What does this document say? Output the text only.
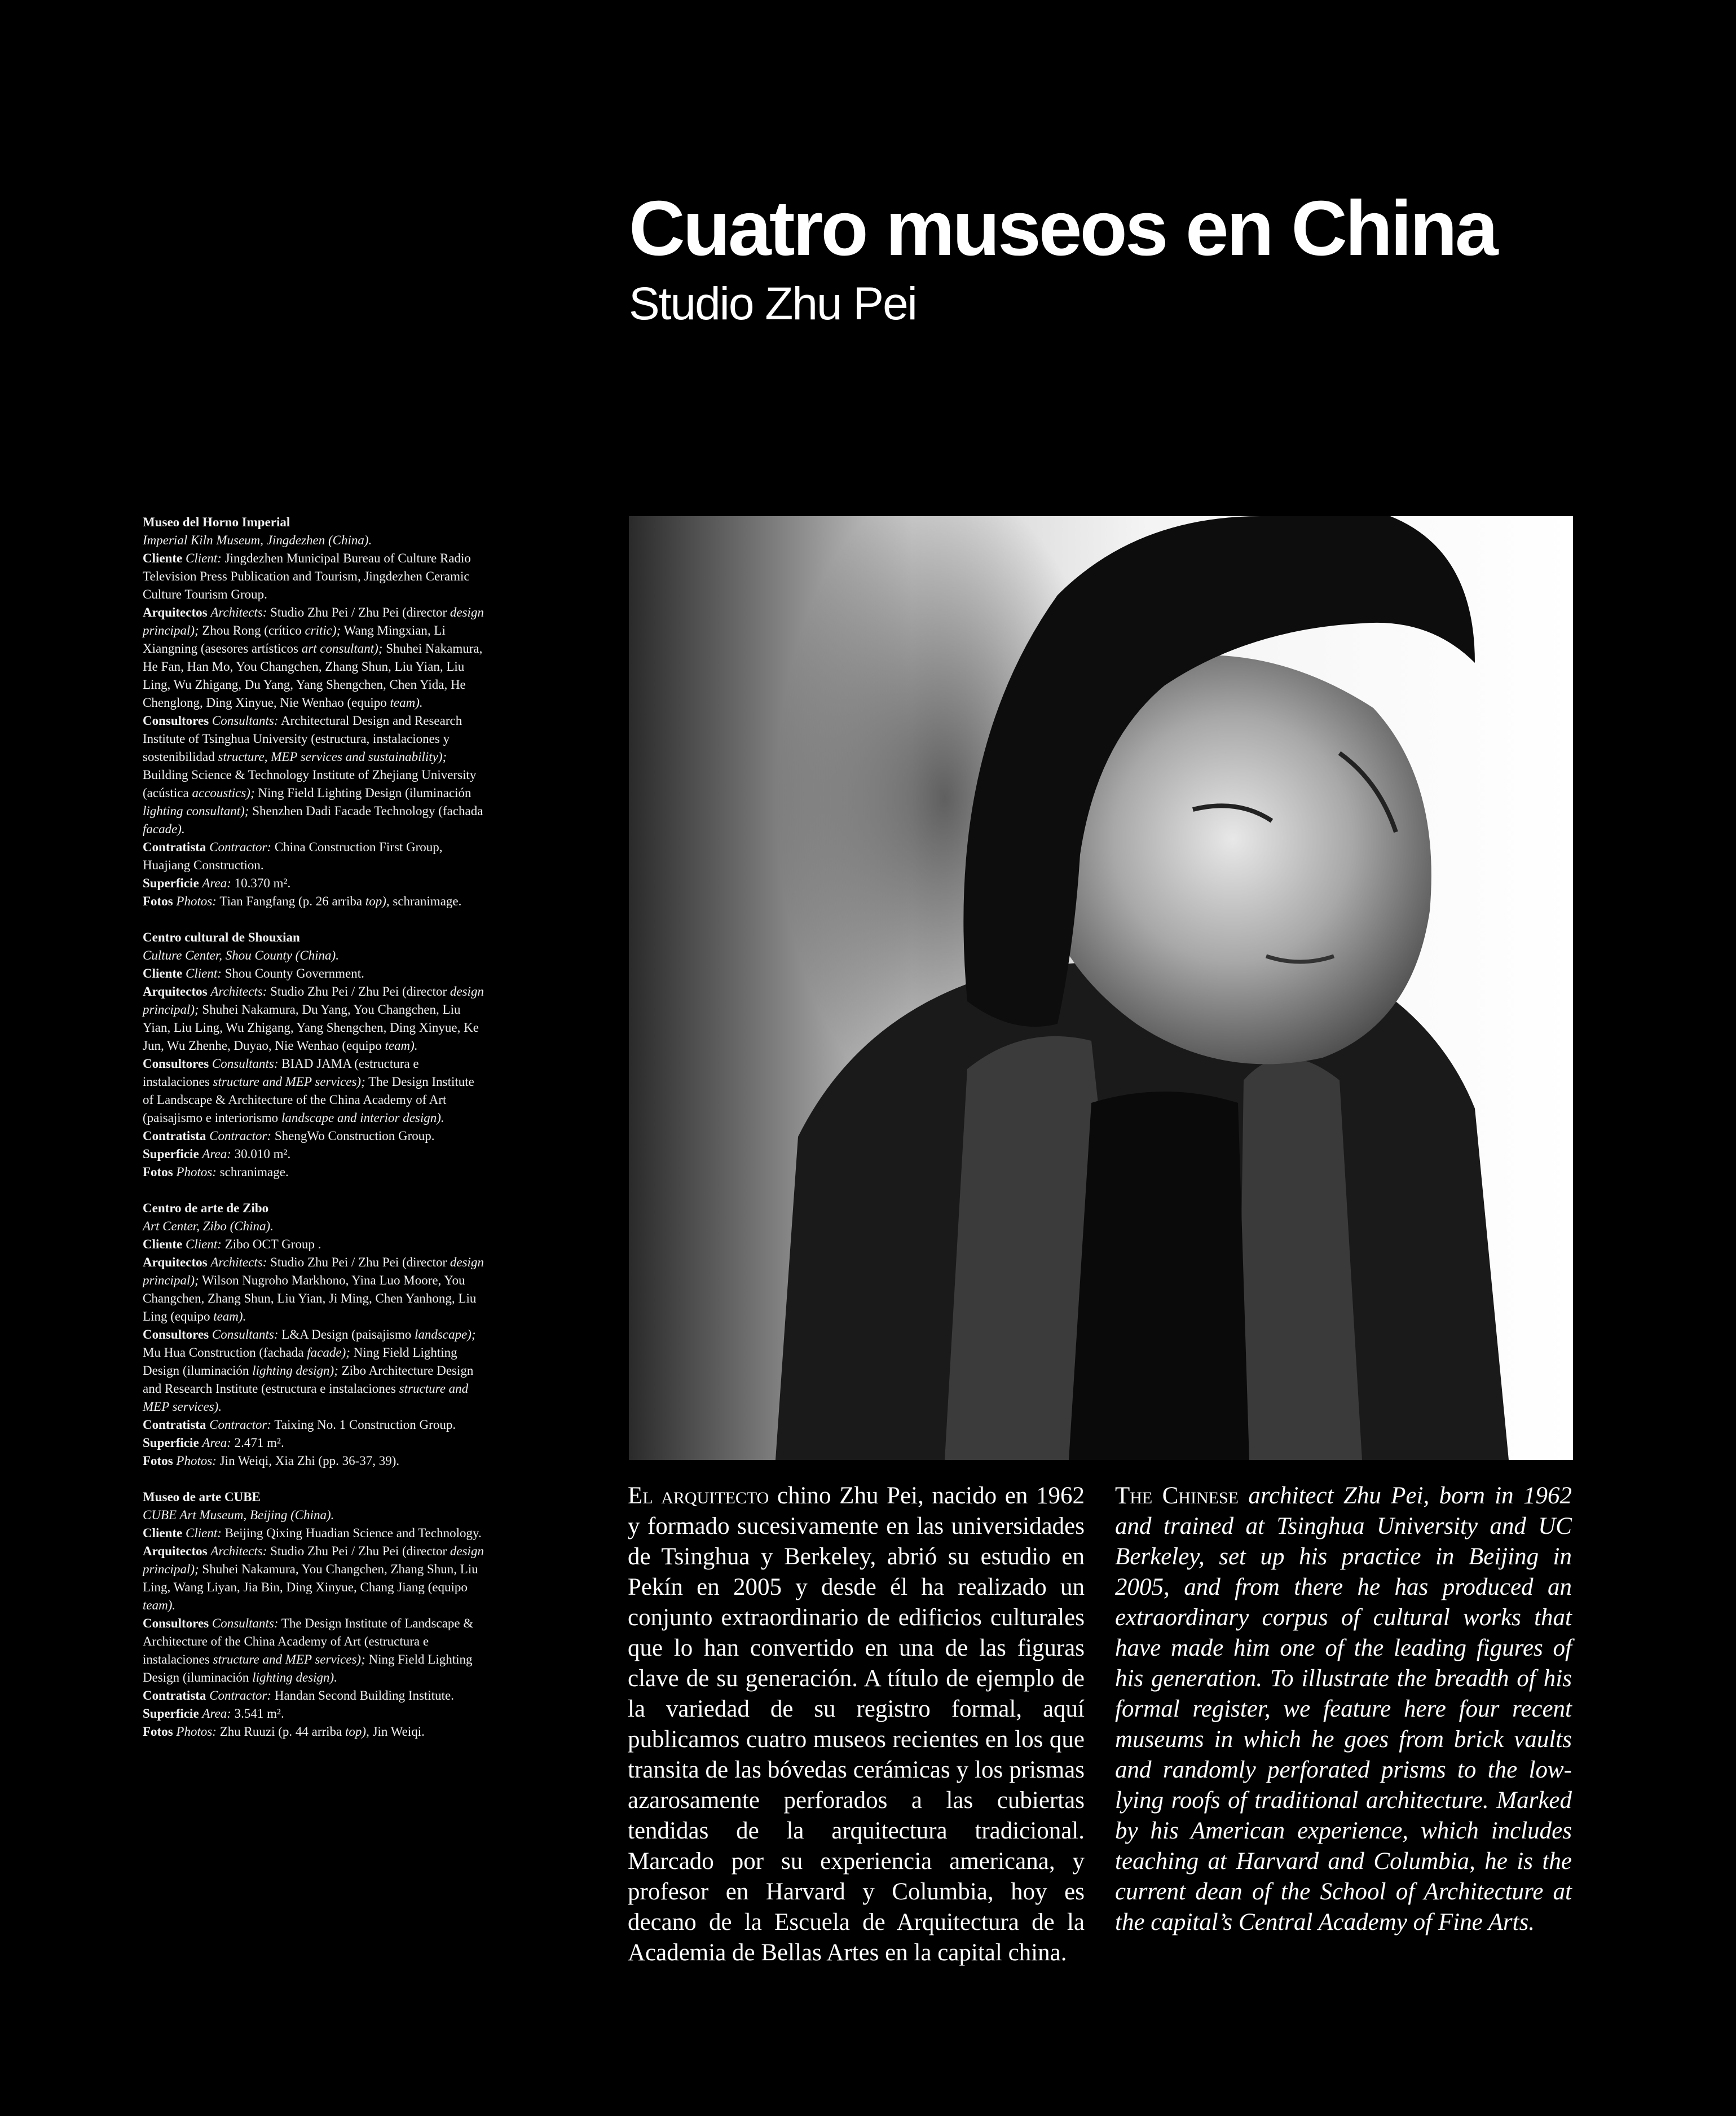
Cuatro museos en China
Studio Zhu Pei
Museo del Horno Imperial
Imperial Kiln Museum, Jingdezhen (China).
Cliente Client: Jingdezhen Municipal Bureau of Culture Radio Television Press Publication and Tourism, Jingdezhen Ceramic Culture Tourism Group.
Arquitectos Architects: Studio Zhu Pei / Zhu Pei (director design principal); Zhou Rong (crítico critic); Wang Mingxian, Li Xiangning (asesores artísticos art consultant); Shuhei Nakamura, He Fan, Han Mo, You Changchen, Zhang Shun, Liu Yian, Liu Ling, Wu Zhigang, Du Yang, Yang Shengchen, Chen Yida, He Chenglong, Ding Xinyue, Nie Wenhao (equipo team).
Consultores Consultants: Architectural Design and Research Institute of Tsinghua University (estructura, instalaciones y sostenibilidad structure, MEP services and sustainability); Building Science & Technology Institute of Zhejiang University (acústica accoustics); Ning Field Lighting Design (iluminación lighting consultant); Shenzhen Dadi Facade Technology (fachada facade).
Contratista Contractor: China Construction First Group, Huajiang Construction.
Superficie Area: 10.370 m².
Fotos Photos: Tian Fangfang (p. 26 arriba top), schranimage.
Centro cultural de Shouxian
Culture Center, Shou County (China).
Cliente Client: Shou County Government.
Arquitectos Architects: Studio Zhu Pei / Zhu Pei (director design principal); Shuhei Nakamura, Du Yang, You Changchen, Liu Yian, Liu Ling, Wu Zhigang, Yang Shengchen, Ding Xinyue, Ke Jun, Wu Zhenhe, Duyao, Nie Wenhao (equipo team).
Consultores Consultants: BIAD JAMA (estructura e instalaciones structure and MEP services); The Design Institute of Landscape & Architecture of the China Academy of Art (paisajismo e interiorismo landscape and interior design).
Contratista Contractor: ShengWo Construction Group.
Superficie Area: 30.010 m².
Fotos Photos: schranimage.
Centro de arte de Zibo
Art Center, Zibo (China).
Cliente Client: Zibo OCT Group .
Arquitectos Architects: Studio Zhu Pei / Zhu Pei (director design principal); Wilson Nugroho Markhono, Yina Luo Moore, You Changchen, Zhang Shun, Liu Yian, Ji Ming, Chen Yanhong, Liu Ling (equipo team).
Consultores Consultants: L&A Design (paisajismo landscape); Mu Hua Construction (fachada facade); Ning Field Lighting Design (iluminación lighting design); Zibo Architecture Design and Research Institute (estructura e instalaciones structure and MEP services).
Contratista Contractor: Taixing No. 1 Construction Group.
Superficie Area: 2.471 m².
Fotos Photos: Jin Weiqi, Xia Zhi (pp. 36-37, 39).
Museo de arte CUBE
CUBE Art Museum, Beijing (China).
Cliente Client: Beijing Qixing Huadian Science and Technology.
Arquitectos Architects: Studio Zhu Pei / Zhu Pei (director design principal); Shuhei Nakamura, You Changchen, Zhang Shun, Liu Ling, Wang Liyan, Jia Bin, Ding Xinyue, Chang Jiang (equipo team).
Consultores Consultants: The Design Institute of Landscape & Architecture of the China Academy of Art (estructura e instalaciones structure and MEP services); Ning Field Lighting Design (iluminación lighting design).
Contratista Contractor: Handan Second Building Institute.
Superficie Area: 3.541 m².
Fotos Photos: Zhu Ruuzi (p. 44 arriba top), Jin Weiqi.
El arquitecto chino Zhu Pei, nacido en 1962 y formado sucesivamente en las universidades de Tsinghua y Berkeley, abrió su estudio en Pekín en 2005 y desde él ha realizado un conjunto extraordinario de edificios culturales que lo han convertido en una de las figuras clave de su generación. A título de ejemplo de la variedad de su registro formal, aquí publicamos cuatro museos recientes en los que transita de las bóvedas cerámicas y los prismas azarosamente perforados a las cubiertas tendidas de la arquitectura tradicional. Marcado por su experiencia americana, y profesor en Harvard y Columbia, hoy es decano de la Escuela de Arquitectura de la Academia de Bellas Artes en la capital china.
The Chinese architect Zhu Pei, born in 1962 and trained at Tsinghua University and UC Berkeley, set up his practice in Beijing in 2005, and from there he has produced an extraordinary corpus of cultural works that have made him one of the leading figures of his generation. To illustrate the breadth of his formal register, we feature here four recent museums in which he goes from brick vaults and randomly perforated prisms to the low-lying roofs of traditional architecture. Marked by his American experience, which includes teaching at Harvard and Columbia, he is the current dean of the School of Architecture at the capital’s Central Academy of Fine Arts.
